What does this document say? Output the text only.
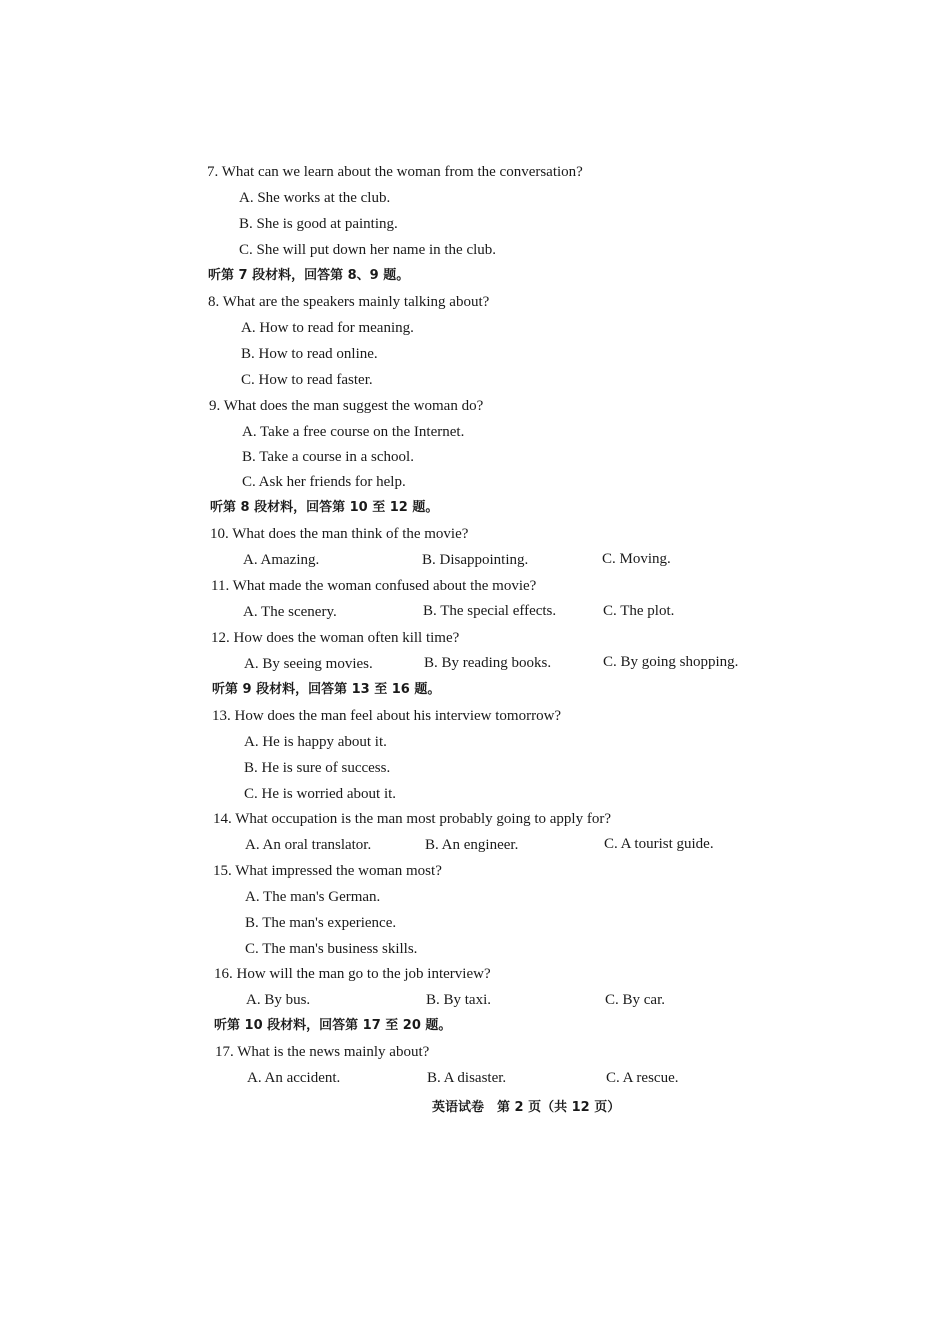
7. What can we learn about the woman from the conversation?
A. She works at the club.
B. She is good at painting.
C. She will put down her name in the club.
听第 7 段材料，回答第 8、9 题。
8. What are the speakers mainly talking about?
A. How to read for meaning.
B. How to read online.
C. How to read faster.
9. What does the man suggest the woman do?
A. Take a free course on the Internet.
B. Take a course in a school.
C. Ask her friends for help.
听第 8 段材料，回答第 10 至 12 题。
10. What does the man think of the movie?
A. Amazing.	B. Disappointing.	C. Moving.
11. What made the woman confused about the movie?
A. The scenery.	B. The special effects.	C. The plot.
12. How does the woman often kill time?
A. By seeing movies.	B. By reading books.	C. By going shopping.
听第 9 段材料，回答第 13 至 16 题。
13. How does the man feel about his interview tomorrow?
A. He is happy about it.
B. He is sure of success.
C. He is worried about it.
14. What occupation is the man most probably going to apply for?
A. An oral translator.	B. An engineer.	C. A tourist guide.
15. What impressed the woman most?
A. The man's German.
B. The man's experience.
C. The man's business skills.
16. How will the man go to the job interview?
A. By bus.	B. By taxi.	C. By car.
听第 10 段材料，回答第 17 至 20 题。
17. What is the news mainly about?
A. An accident.	B. A disaster.	C. A rescue.
英语试卷　第 2 页（共 12 页）
